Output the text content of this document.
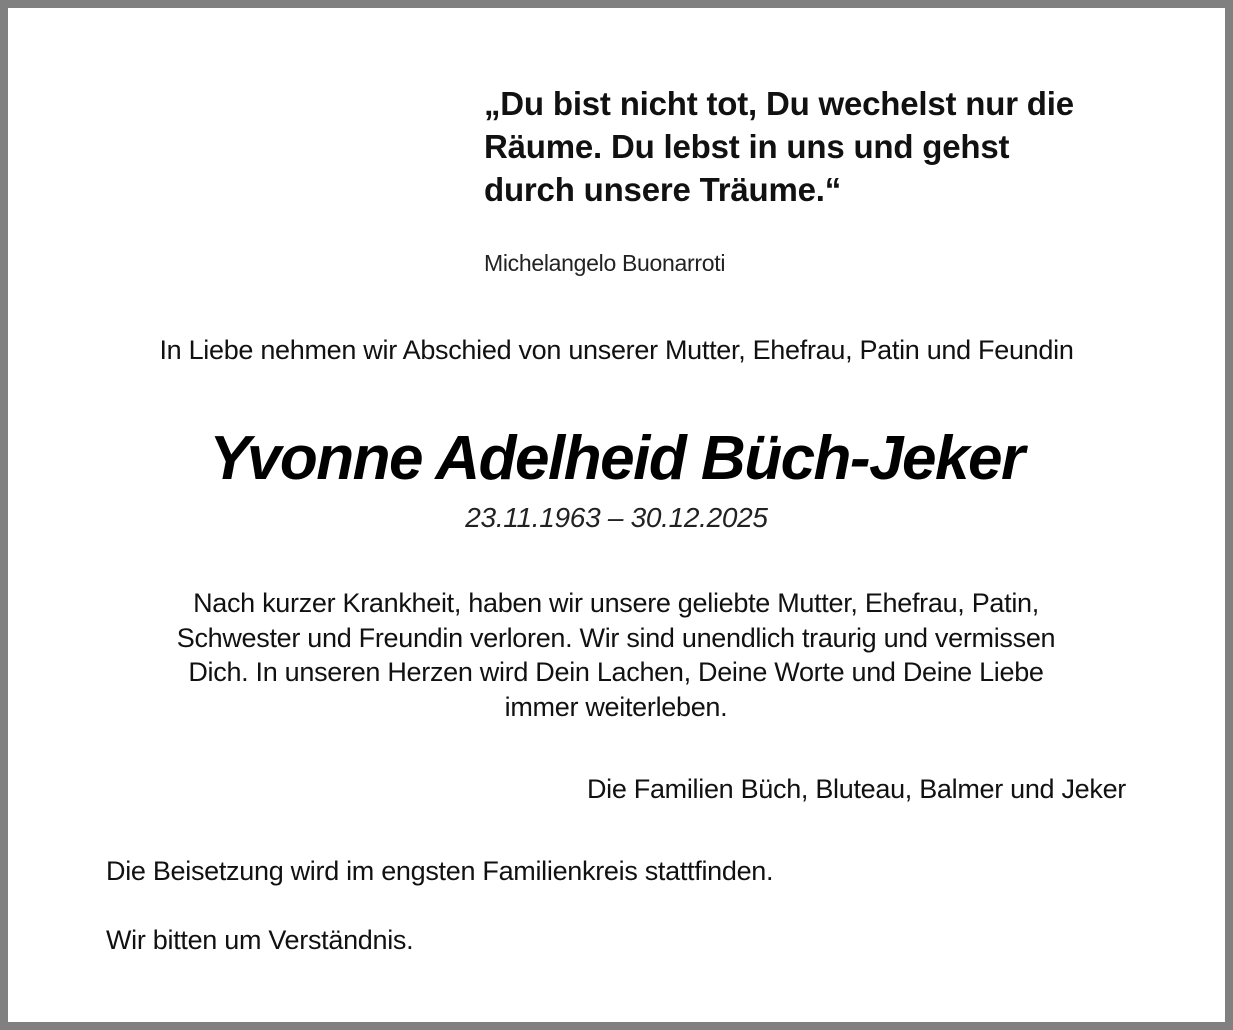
„Du bist nicht tot, Du wechelst nur die
Räume. Du lebst in uns und gehst
durch unsere Träume.“

Michelangelo Buonarroti

In Liebe nehmen wir Abschied von unserer Mutter, Ehefrau, Patin und Feundin

Yvonne Adelheid Büch-Jeker

23.11.1963 – 30.12.2025

Nach kurzer Krankheit, haben wir unsere geliebte Mutter, Ehefrau, Patin,
Schwester und Freundin verloren. Wir sind unendlich traurig und vermissen
Dich. In unseren Herzen wird Dein Lachen, Deine Worte und Deine Liebe
immer weiterleben.

Die Familien Büch, Bluteau, Balmer und Jeker

Die Beisetzung wird im engsten Familienkreis stattfinden.

Wir bitten um Verständnis.
